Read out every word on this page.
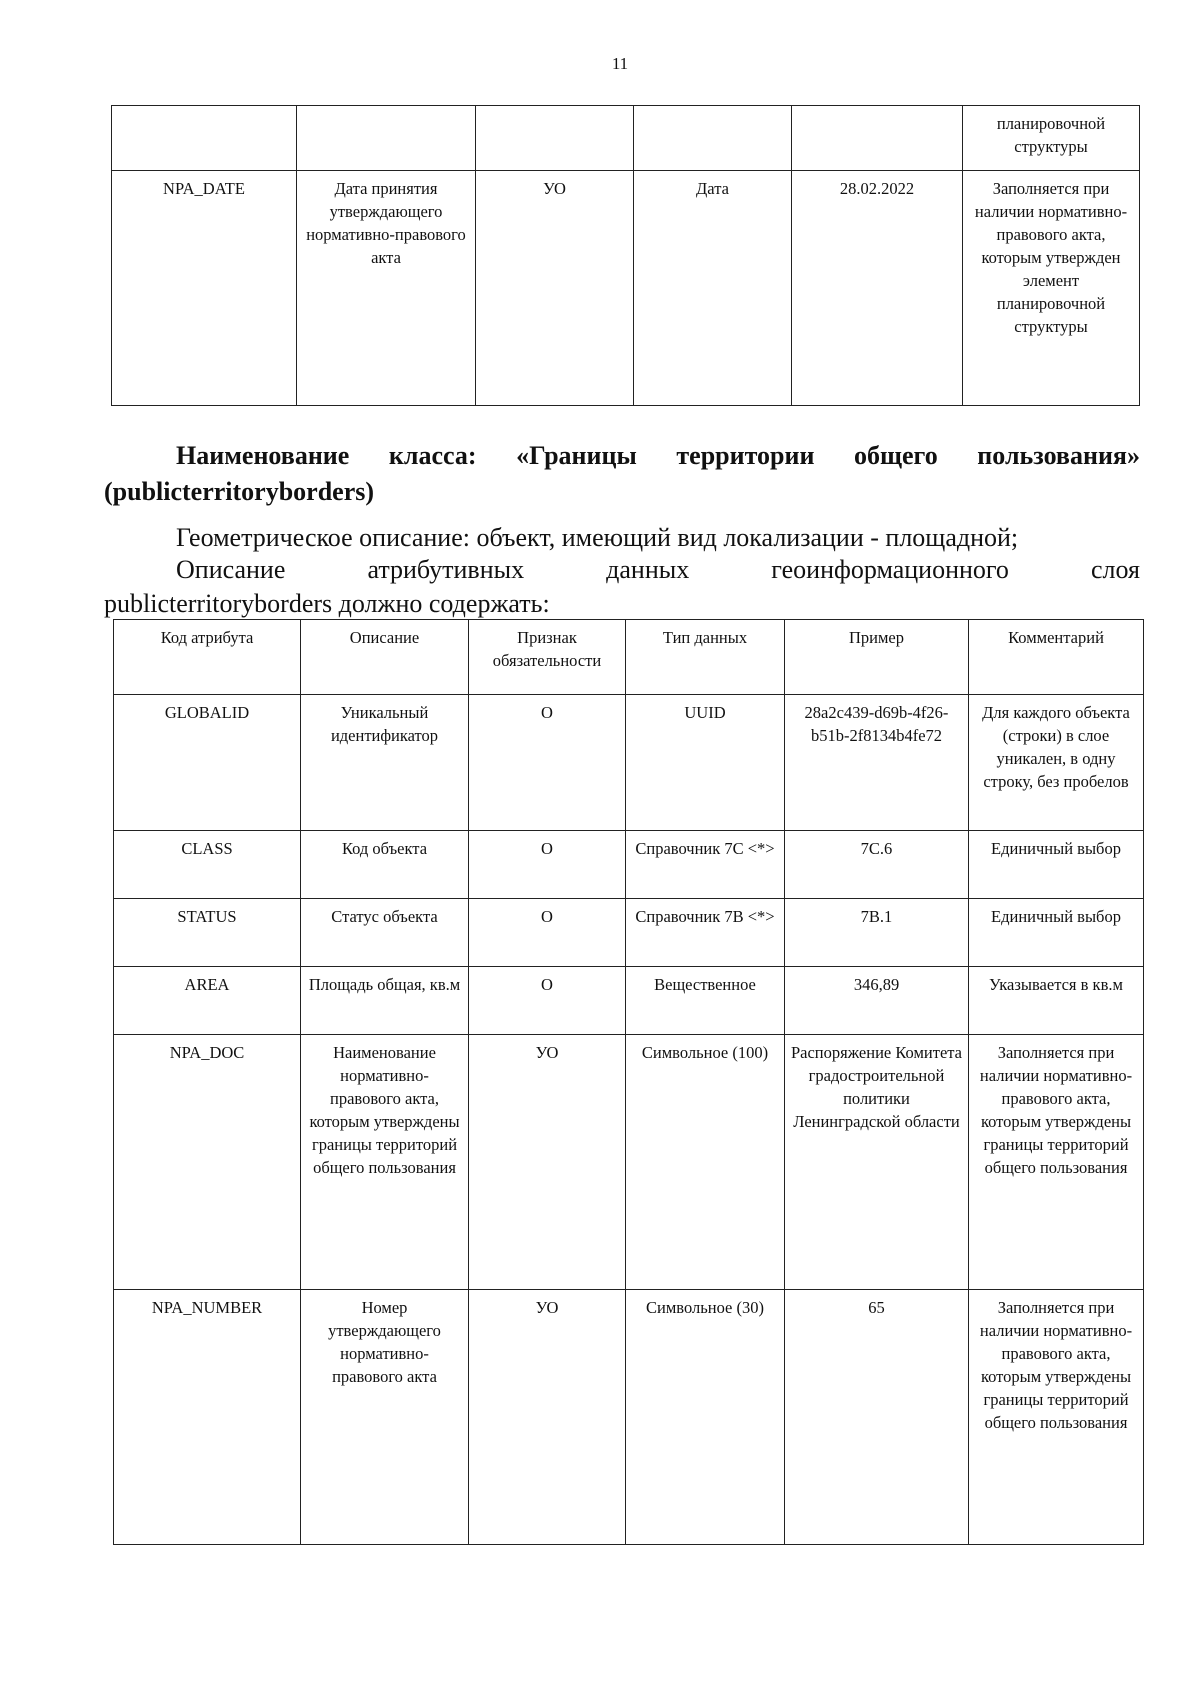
11
					планировочной структуры
NPA_DATE	Дата принятия утверждающего нормативно-правового акта	УО	Дата	28.02.2022	Заполняется при наличии нормативно-правового акта, которым утвержден элемент планировочной структуры
Наименование класса: «Границы территории общего пользования»
(publicterritoryborders)
Геометрическое описание: объект, имеющий вид локализации - площадной;
Описание атрибутивных данных геоинформационного слоя
publicterritoryborders должно содержать:
Код атрибута	Описание	Признак обязательности	Тип данных	Пример	Комментарий
GLOBALID	Уникальный идентификатор	О	UUID	28a2c439-d69b-4f26-b51b-2f8134b4fe72	Для каждого объекта (строки) в слое уникален, в одну строку, без пробелов
CLASS	Код объекта	О	Справочник 7С <*>	7С.6	Единичный выбор
STATUS	Статус объекта	О	Справочник 7В <*>	7В.1	Единичный выбор
AREA	Площадь общая, кв.м	О	Вещественное	346,89	Указывается в кв.м
NPA_DOC	Наименование нормативно-правового акта, которым утверждены границы территорий общего пользования	УО	Символьное (100)	Распоряжение Комитета градостроительной политики Ленинградской области	Заполняется при наличии нормативно-правового акта, которым утверждены границы территорий общего пользования
NPA_NUMBER	Номер утверждающего нормативно-правового акта	УО	Символьное (30)	65	Заполняется при наличии нормативно-правового акта, которым утверждены границы территорий общего пользования
